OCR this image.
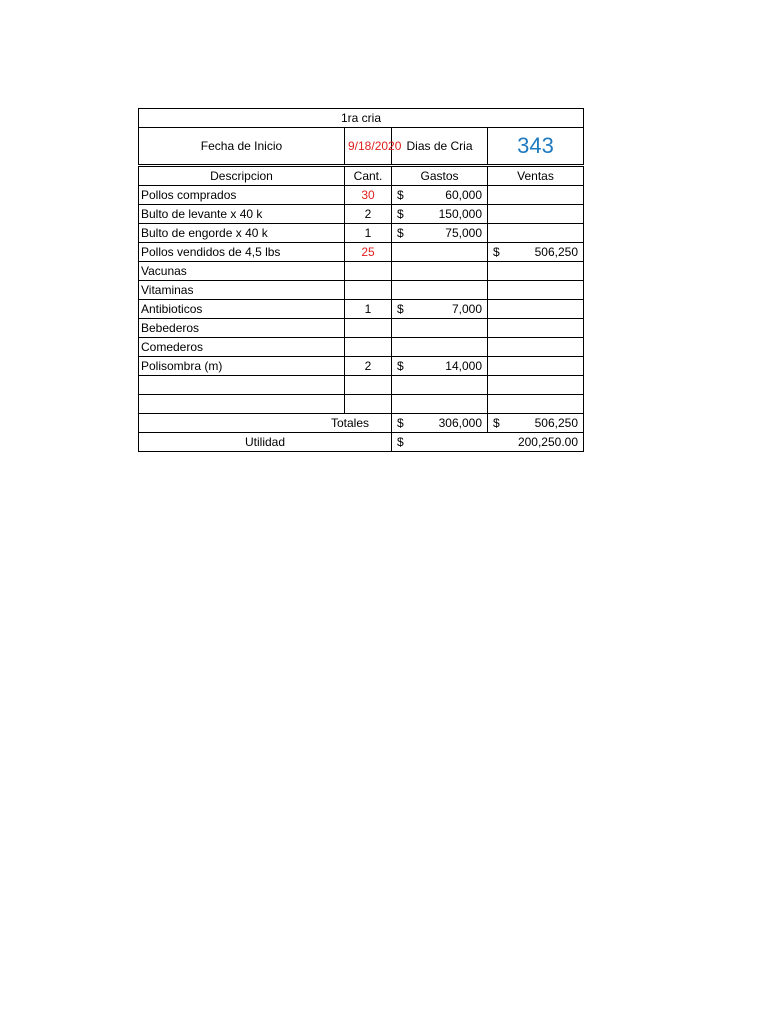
1ra cria			

Fecha de Inicio	9/18/2020	Dias de Cria	343
Descripcion	Cant.	Gastos	Ventas
Pollos comprados	30	$ 60,000	

Bulto de levante x 40 k	2	$ 150,000	

Bulto de engorde x 40 k	1	$ 75,000	

Pollos vendidos de 4,5 lbs	25		$ 506,250

Vacunas			
Vitaminas			
Antibioticos	1	$ 7,000	

Bebederos			
Comederos			
Polisombra (m)	2	$ 14,000	

Totales		$ 306,000	$ 506,250

Utilidad		$ 200,250.00	
